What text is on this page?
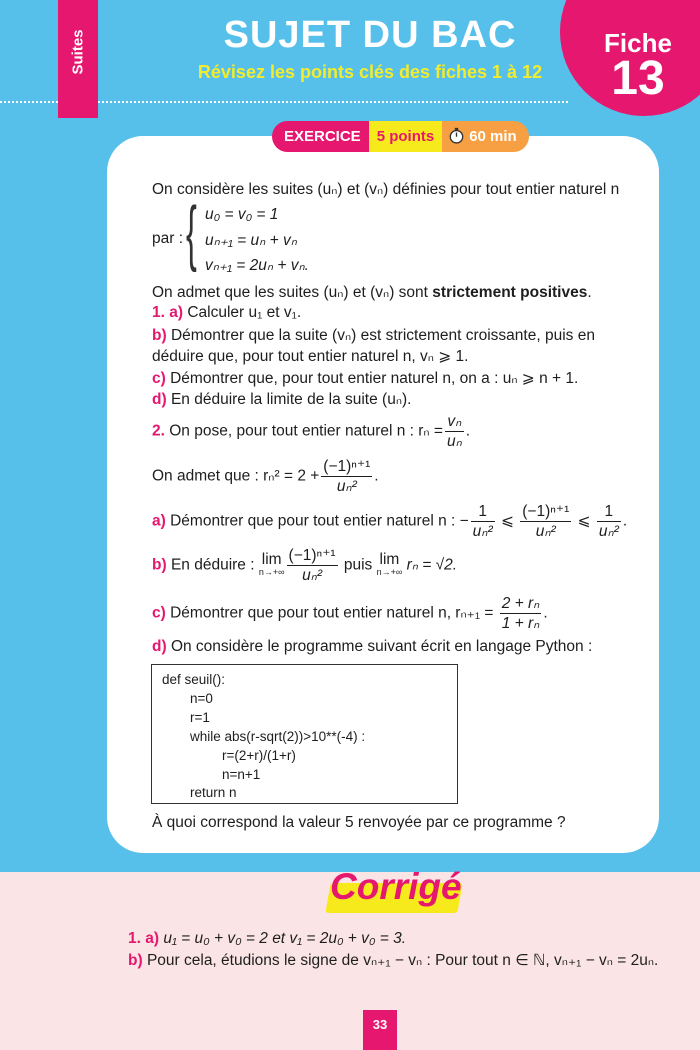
Suites	SUJET DU BAC
Révisez les points clés des fiches 1 à 12
Fiche
13
EXERCICE	5 points	60 min
On considère les suites (uₙ) et (vₙ) définies pour tout entier naturel n
par : { u₀ = v₀ = 1
uₙ₊₁ = uₙ + vₙ
vₙ₊₁ = 2uₙ + vₙ.
On admet que les suites (uₙ) et (vₙ) sont strictement positives.
1. a) Calculer u₁ et v₁.
b) Démontrer que la suite (vₙ) est strictement croissante, puis en
déduire que, pour tout entier naturel n, vₙ ⩾ 1.
c) Démontrer que, pour tout entier naturel n, on a : uₙ ⩾ n + 1.
d) En déduire la limite de la suite (uₙ).
2. On pose, pour tout entier naturel n : $r_n = \frac{\text{vₙ}}{\text{uₙ}}$ .
On admet que : $r_n^2 = 2 + \frac{\text{(−1)ⁿ⁺¹}}{\text{uₙ²}}$ .
a) Démontrer que pour tout entier naturel n : − $\frac{1}{\text{uₙ²}}$ ⩽ $\frac{\text{(−1)ⁿ⁺¹}}{\text{uₙ²}}$ ⩽ $\frac{1}{\text{uₙ²}}$ .
b) En déduire : lim
$n\to+\infty \frac{\text{(−1)ⁿ⁺¹}}{\text{uₙ²}}$ puis lim
n→+∞ rₙ = √2.
c) Démontrer que pour tout entier naturel n, $r_{n+1} = \frac{\text{2 + rₙ}}{\text{1 + rₙ}}$ .
d) On considère le programme suivant écrit en langage Python :
def seuil():
n=0
r=1
while abs(r-sqrt(2))>10**(-4) :
r=(2+r)/(1+r)
n=n+1
return n
À quoi correspond la valeur 5 renvoyée par ce programme ?
Corrigé
1. a) u₁ = u₀ + v₀ = 2 et v₁ = 2u₀ + v₀ = 3.
b) Pour cela, étudions le signe de vₙ₊₁ − vₙ : Pour tout n ∈ ℕ, vₙ₊₁ − vₙ = 2uₙ.
33
